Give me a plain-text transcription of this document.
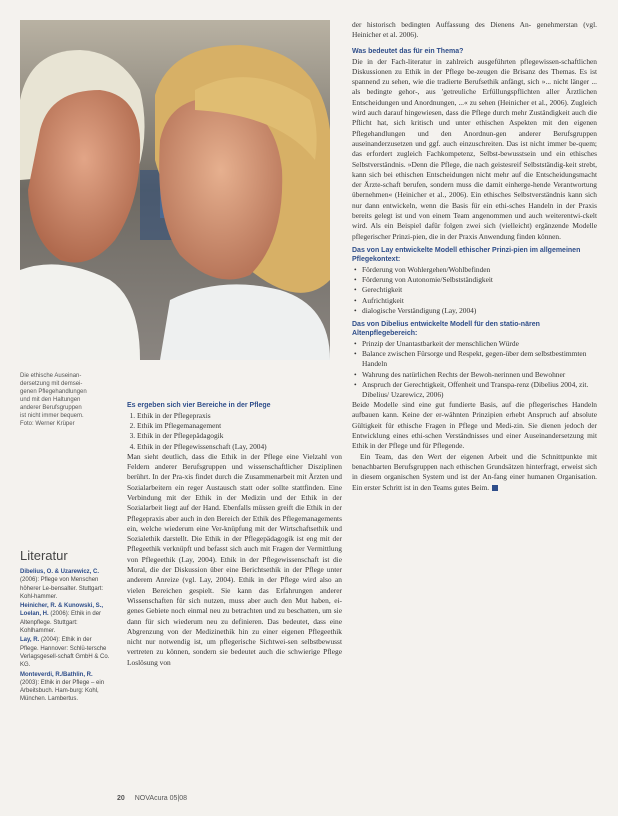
Die ethische Auseinan-
dersetzung mit demsei-
genen Pflegehandlungen
und mit den Haltungen
anderer Berufsgruppen
ist nicht immer bequem.
Foto: Werner Krüper

der historisch bedingten Auffassung des Dienens An- genehmerstan (vgl. Heinicher et al. 2006).

Was bedeutet das für ein Thema?

Die in der Fach-literatur in zahlreich ausgeführten pflegewissen-schaftlichen Diskussionen zu Ethik in der Pflege be-zeugen die Brisanz des Themas. Es ist spannend zu sehen, wie die tradierte Berufsethik anfängt, sich »... nicht länger ... als bedingte gehor-, aus 'getreuliche Erfüllungspflichten aller Ärztlichen Entscheidungen und Anordnungen, ...« zu sehen (Heinicher et al., 2006). Zugleich wird auch darauf hingewiesen, dass die Pflege durch mehr Zuständigkeit auch die Pflicht hat, sich kritisch und unter ethischen Aspekten mit den eigenen Pflegehandlungen und den Anordnun-gen anderer Berufsgruppen auseinanderzusetzen und ggf. auch einzuschreiten. Das ist nicht immer be-quem; das erfordert zugleich Fachkompetenz, Selbst-bewusstsein und ein ethisches Selbstverständnis. »Denn die Pflege, die nach geistesreif Selbstständig-keit strebt, kann sich bei ethischen Entscheidungen nicht mehr auf die Entscheidungsmacht der Ärzte-schaft berufen, sondern muss die damit einherge-hende Verantwortung übernehmen« (Heinicher et al., 2006). Ein ethisches Selbstverständnis kann sich nur dann entwickeln, wenn die Basis für ein ethi-sches Handeln in der Praxis bereits gelegt ist und von einem Team angenommen und auch weiterentwi-ckelt wird. Als ein Beispiel dafür folgen zwei sich (vielleicht) ergänzende Modelle pflegerischer Prinzi-pien, die in der Praxis Anwendung finden können.

Das von Lay entwickelte Modell ethischer Prinzi-pien im allgemeinen Pflegekontext:
• Förderung von Wohlergehen/Wohlbefinden
• Förderung von Autonomie/Selbstständigkeit
• Gerechtigkeit
• Aufrichtigkeit
• dialogische Verständigung (Lay, 2004)
Das von Dibelius entwickelte Modell für den statio-nären Altenpflegebereich:
• Prinzip der Unantastbarkeit der menschlichen Würde
• Balance zwischen Fürsorge und Respekt, gegen-über dem selbstbestimmten Handeln
• Wahrung des natürlichen Rechts der Bewoh-nerinnen und Bewohner
• Anspruch der Gerechtigkeit, Offenheit und Transpa-renz (Dibelius 2004, zit. Dibelius/ Uzarewicz, 2006)

Beide Modelle sind eine gut fundierte Basis, auf die pflegerisches Handeln aufbauen kann. Keine der er-wähnten Prinzipien erhebt Anspruch auf absolute Gültigkeit für ethische Fragen in Pflege und Medi-zin. Sie dienen jedoch der Entwicklung eines ethi-schen Verständnisses und einer Auseinandersetzung mit Ethik in der Pflege und für Pflegende.

Ein Team, das den Wert der eigenen Arbeit und die Schnittpunkte mit benachbarten Berufsgruppen nach ethischen Grundsätzen hinterfragt, erweist sich in diesem organischen System und ist der An-fang einer humanen Organisation. Ein erster Schritt ist in den Teams gutes Beim.

Es ergeben sich vier Bereiche in der Pflege
1. Ethik in der Pflegepraxis
2. Ethik im Pflegemanagement
3. Ethik in der Pflegepädagogik
4. Ethik in der Pflegewissenschaft (Lay, 2004)

Man sieht deutlich, dass die Ethik in der Pflege eine Vielzahl von Feldern anderer Berufsgruppen und wissenschaftlicher Disziplinen berührt. In der Pra-xis findet durch die Zusammenarbeit mit Ärzten und Sozialarbeitern ein reger Austausch statt oder sollte stattfinden. Eine Verbindung mit der Ethik in der Medizin und der Ethik in der Sozialarbeit liegt auf der Hand. Ebenfalls müssen greift die Ethik in der Pflegepraxis aber auch in den Bereich der Ethik des Pflegemanagements ein, welche wiederum eine Ver-knüpfung mit der Wirtschaftsethik und Sozialethik darstellt. Die Ethik in der Pflegepädagogik ist eng mit der Pflegeethik verknüpft und befasst sich auch mit Fragen der Vermittlung von Pflegeethik (Lay, 2004). Ethik in der Pflegewissenschaft ist die Moral, die der Diskussion über eine Berichtsethik in der Pflege unter anderem Anreize (vgl. Lay, 2004). Ethik in der Pflege wird also an vielen Bereichen gespielt. Sie kann das Erfahrungen anderer Wissenschaften für sich nutzen, muss aber auch den Mut haben, ei-genes Gebiete noch einmal neu zu betrachten und zu beschatten, um sie dann für sich wiederum neu zu definieren. Das bedeutet, dass eine Abgrenzung von der Medizinethik hin zu einer eigenen Pflegeethik nicht nur notwendig ist, um pflegerische Sichtwei-sen selbstbewusst vertreten zu können, sondern sie bedeutet auch die schwierige Pflege Loslösung von

Literatur
Dibelius, O. & Uzarewicz, C. (2006): Pflege von Menschen höherer Le-bensalter. Stuttgart: Kohl-hammer.
Heinicher, R. & Kunowski, S., Loelan, H. (2006): Ethik in der Altenpflege. Stuttgart: Kohlhammer.
Lay, R. (2004): Ethik in der Pflege. Hannover: Schlü-tersche Verlagsgesell-schaft GmbH & Co. KG.
Monteverdi, R./Bathlin, R. (2003): Ethik in der Pflege – ein Arbeitsbuch. Ham-burg: Kohl, München. Lambertus.
20 NOVAcura 05|08
